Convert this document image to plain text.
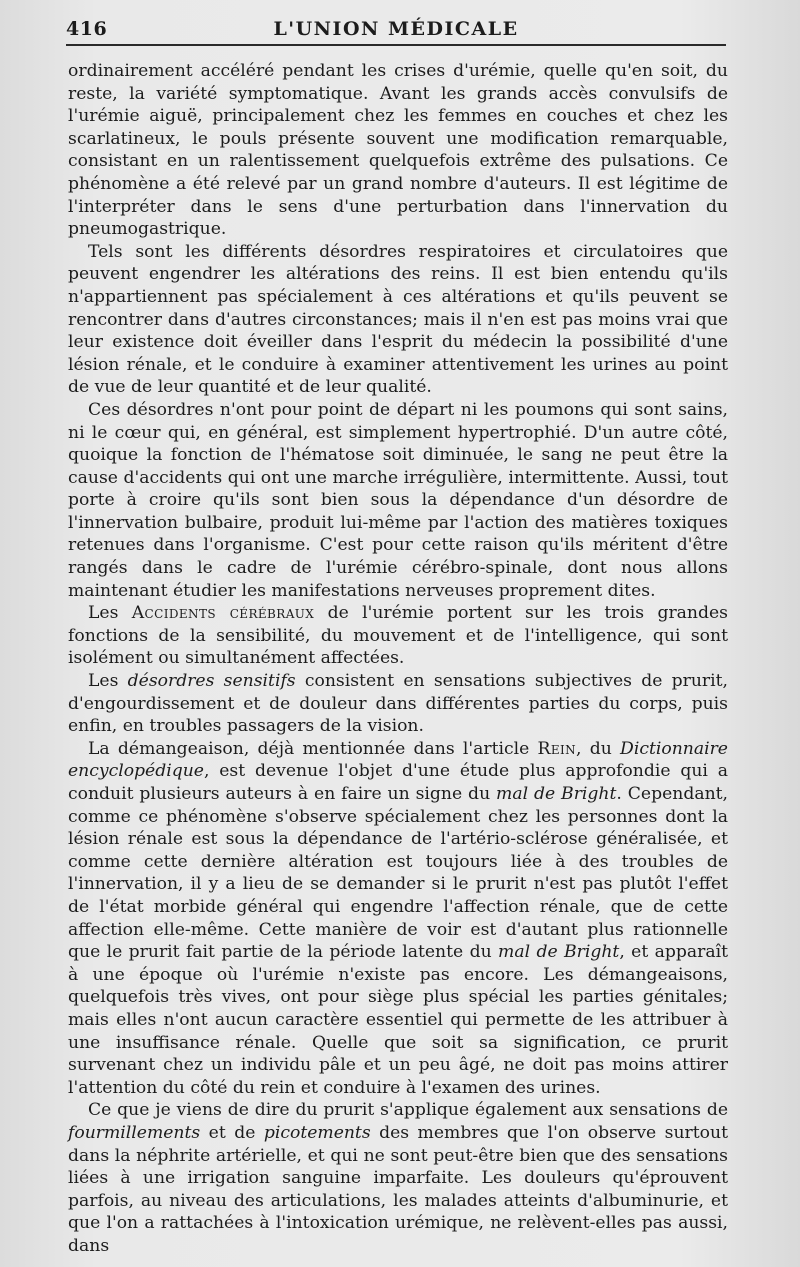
416	L'UNION MÉDICALE

ordinairement accéléré pendant les crises d'urémie, quelle qu'en soit, du reste, la variété symptomatique. Avant les grands accès convulsifs de l'urémie aiguë, principalement chez les femmes en couches et chez les scarlatineux, le pouls présente souvent une modification remarquable, consistant en un ralentissement quelquefois extrême des pulsations. Ce phénomène a été relevé par un grand nombre d'auteurs. Il est légitime de l'interpréter dans le sens d'une perturbation dans l'innervation du pneumogastrique.

Tels sont les différents désordres respiratoires et circulatoires que peuvent engendrer les altérations des reins. Il est bien entendu qu'ils n'appartiennent pas spécialement à ces altérations et qu'ils peuvent se rencontrer dans d'autres circonstances; mais il n'en est pas moins vrai que leur existence doit éveiller dans l'esprit du médecin la possibilité d'une lésion rénale, et le conduire à examiner attentivement les urines au point de vue de leur quantité et de leur qualité.

Ces désordres n'ont pour point de départ ni les poumons qui sont sains, ni le cœur qui, en général, est simplement hypertrophié. D'un autre côté, quoique la fonction de l'hématose soit diminuée, le sang ne peut être la cause d'accidents qui ont une marche irrégulière, intermittente. Aussi, tout porte à croire qu'ils sont bien sous la dépendance d'un désordre de l'innervation bulbaire, produit lui-même par l'action des matières toxiques retenues dans l'organisme. C'est pour cette raison qu'ils méritent d'être rangés dans le cadre de l'urémie cérébro-spinale, dont nous allons maintenant étudier les manifestations nerveuses proprement dites.

Les Accidents cérébraux de l'urémie portent sur les trois grandes fonctions de la sensibilité, du mouvement et de l'intelligence, qui sont isolément ou simultanément affectées.

Les désordres sensitifs consistent en sensations subjectives de prurit, d'engourdissement et de douleur dans différentes parties du corps, puis enfin, en troubles passagers de la vision.

La démangeaison, déjà mentionnée dans l'article Rein, du Dictionnaire encyclopédique, est devenue l'objet d'une étude plus approfondie qui a conduit plusieurs auteurs à en faire un signe du mal de Bright. Cependant, comme ce phénomène s'observe spécialement chez les personnes dont la lésion rénale est sous la dépendance de l'artério-sclérose généralisée, et comme cette dernière altération est toujours liée à des troubles de l'innervation, il y a lieu de se demander si le prurit n'est pas plutôt l'effet de l'état morbide général qui engendre l'affection rénale, que de cette affection elle-même. Cette manière de voir est d'autant plus rationnelle que le prurit fait partie de la période latente du mal de Bright, et apparaît à une époque où l'urémie n'existe pas encore. Les démangeaisons, quelquefois très vives, ont pour siège plus spécial les parties génitales; mais elles n'ont aucun caractère essentiel qui permette de les attribuer à une insuffisance rénale. Quelle que soit sa signification, ce prurit survenant chez un individu pâle et un peu âgé, ne doit pas moins attirer l'attention du côté du rein et conduire à l'examen des urines.

Ce que je viens de dire du prurit s'applique également aux sensations de fourmillements et de picotements des membres que l'on observe surtout dans la néphrite artérielle, et qui ne sont peut-être bien que des sensations liées à une irrigation sanguine imparfaite. Les douleurs qu'éprouvent parfois, au niveau des articulations, les malades atteints d'albuminurie, et que l'on a rattachées à l'intoxication urémique, ne relèvent-elles pas aussi, dans
